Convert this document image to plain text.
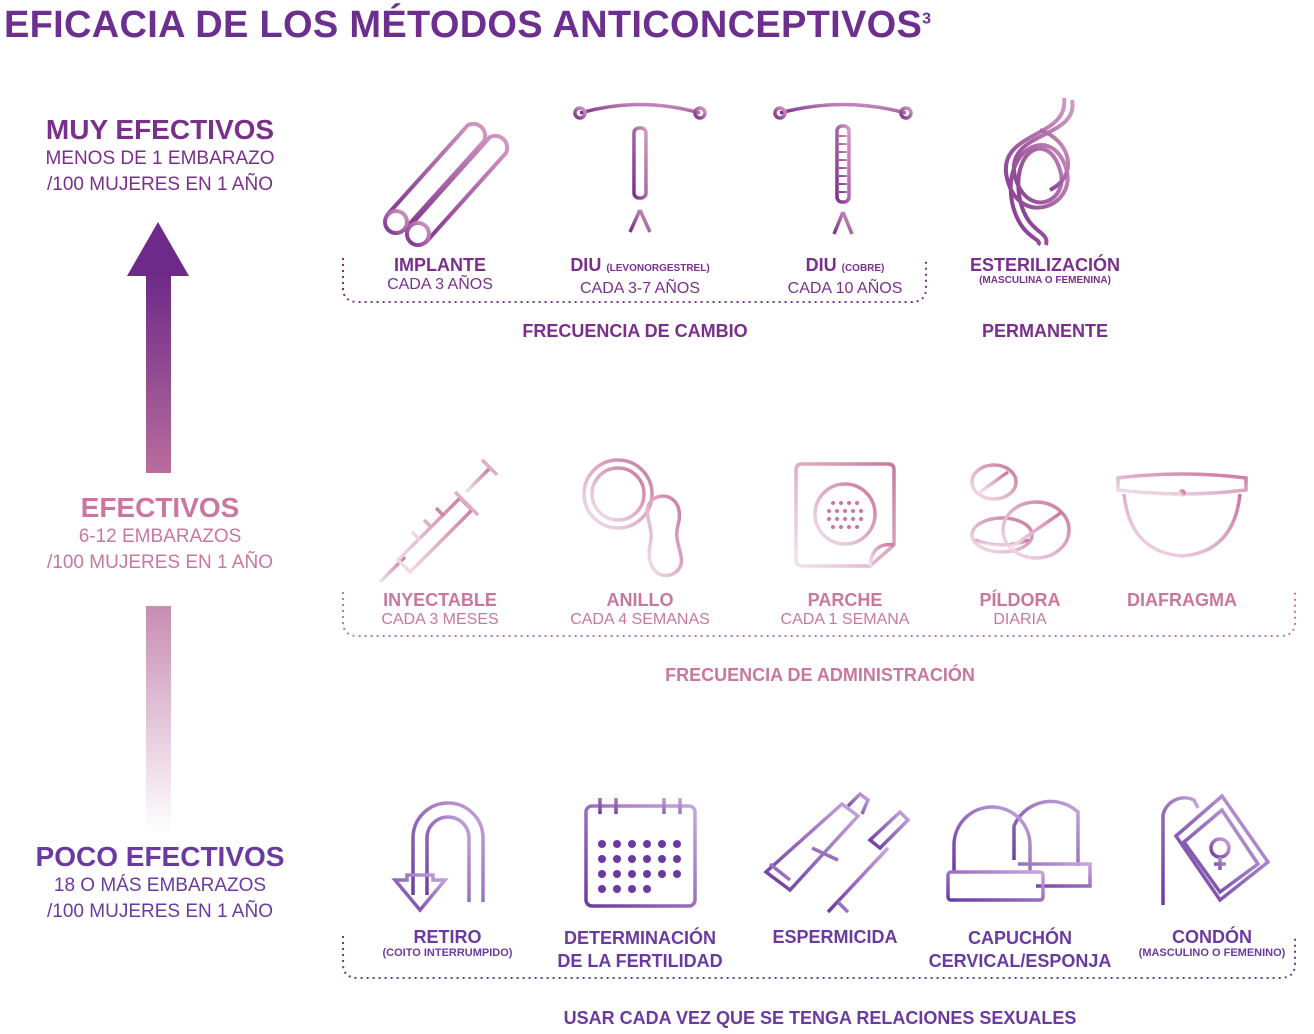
EFICACIA DE LOS MÉTODOS ANTICONCEPTIVOS$^3$
MUY EFECTIVOS
MENOS DE 1 EMBARAZO
/100 MUJERES EN 1 AÑO
EFECTIVOS
6-12 EMBARAZOS
/100 MUJERES EN 1 AÑO
POCO EFECTIVOS
18 O MÁS EMBARAZOS
/100 MUJERES EN 1 AÑO
IMPLANTE
CADA 3 AÑOS
DIU (LEVONORGESTREL)
CADA 3-7 AÑOS
DIU (COBRE)
CADA 10 AÑOS
ESTERILIZACIÓN
(MASCULINA O FEMENINA)
FRECUENCIA DE CAMBIO	PERMANENTE
INYECTABLE
CADA 3 MESES
ANILLO
CADA 4 SEMANAS
PARCHE
CADA 1 SEMANA
PÍLDORA
DIARIA
DIAFRAGMA
FRECUENCIA DE ADMINISTRACIÓN
RETIRO
(COITO INTERRUMPIDO)
DETERMINACIÓN
DE LA FERTILIDAD
ESPERMICIDA	CAPUCHÓN
CERVICAL/ESPONJA
CONDÓN
(MASCULINO O FEMENINO)
USAR CADA VEZ QUE SE TENGA RELACIONES SEXUALES
